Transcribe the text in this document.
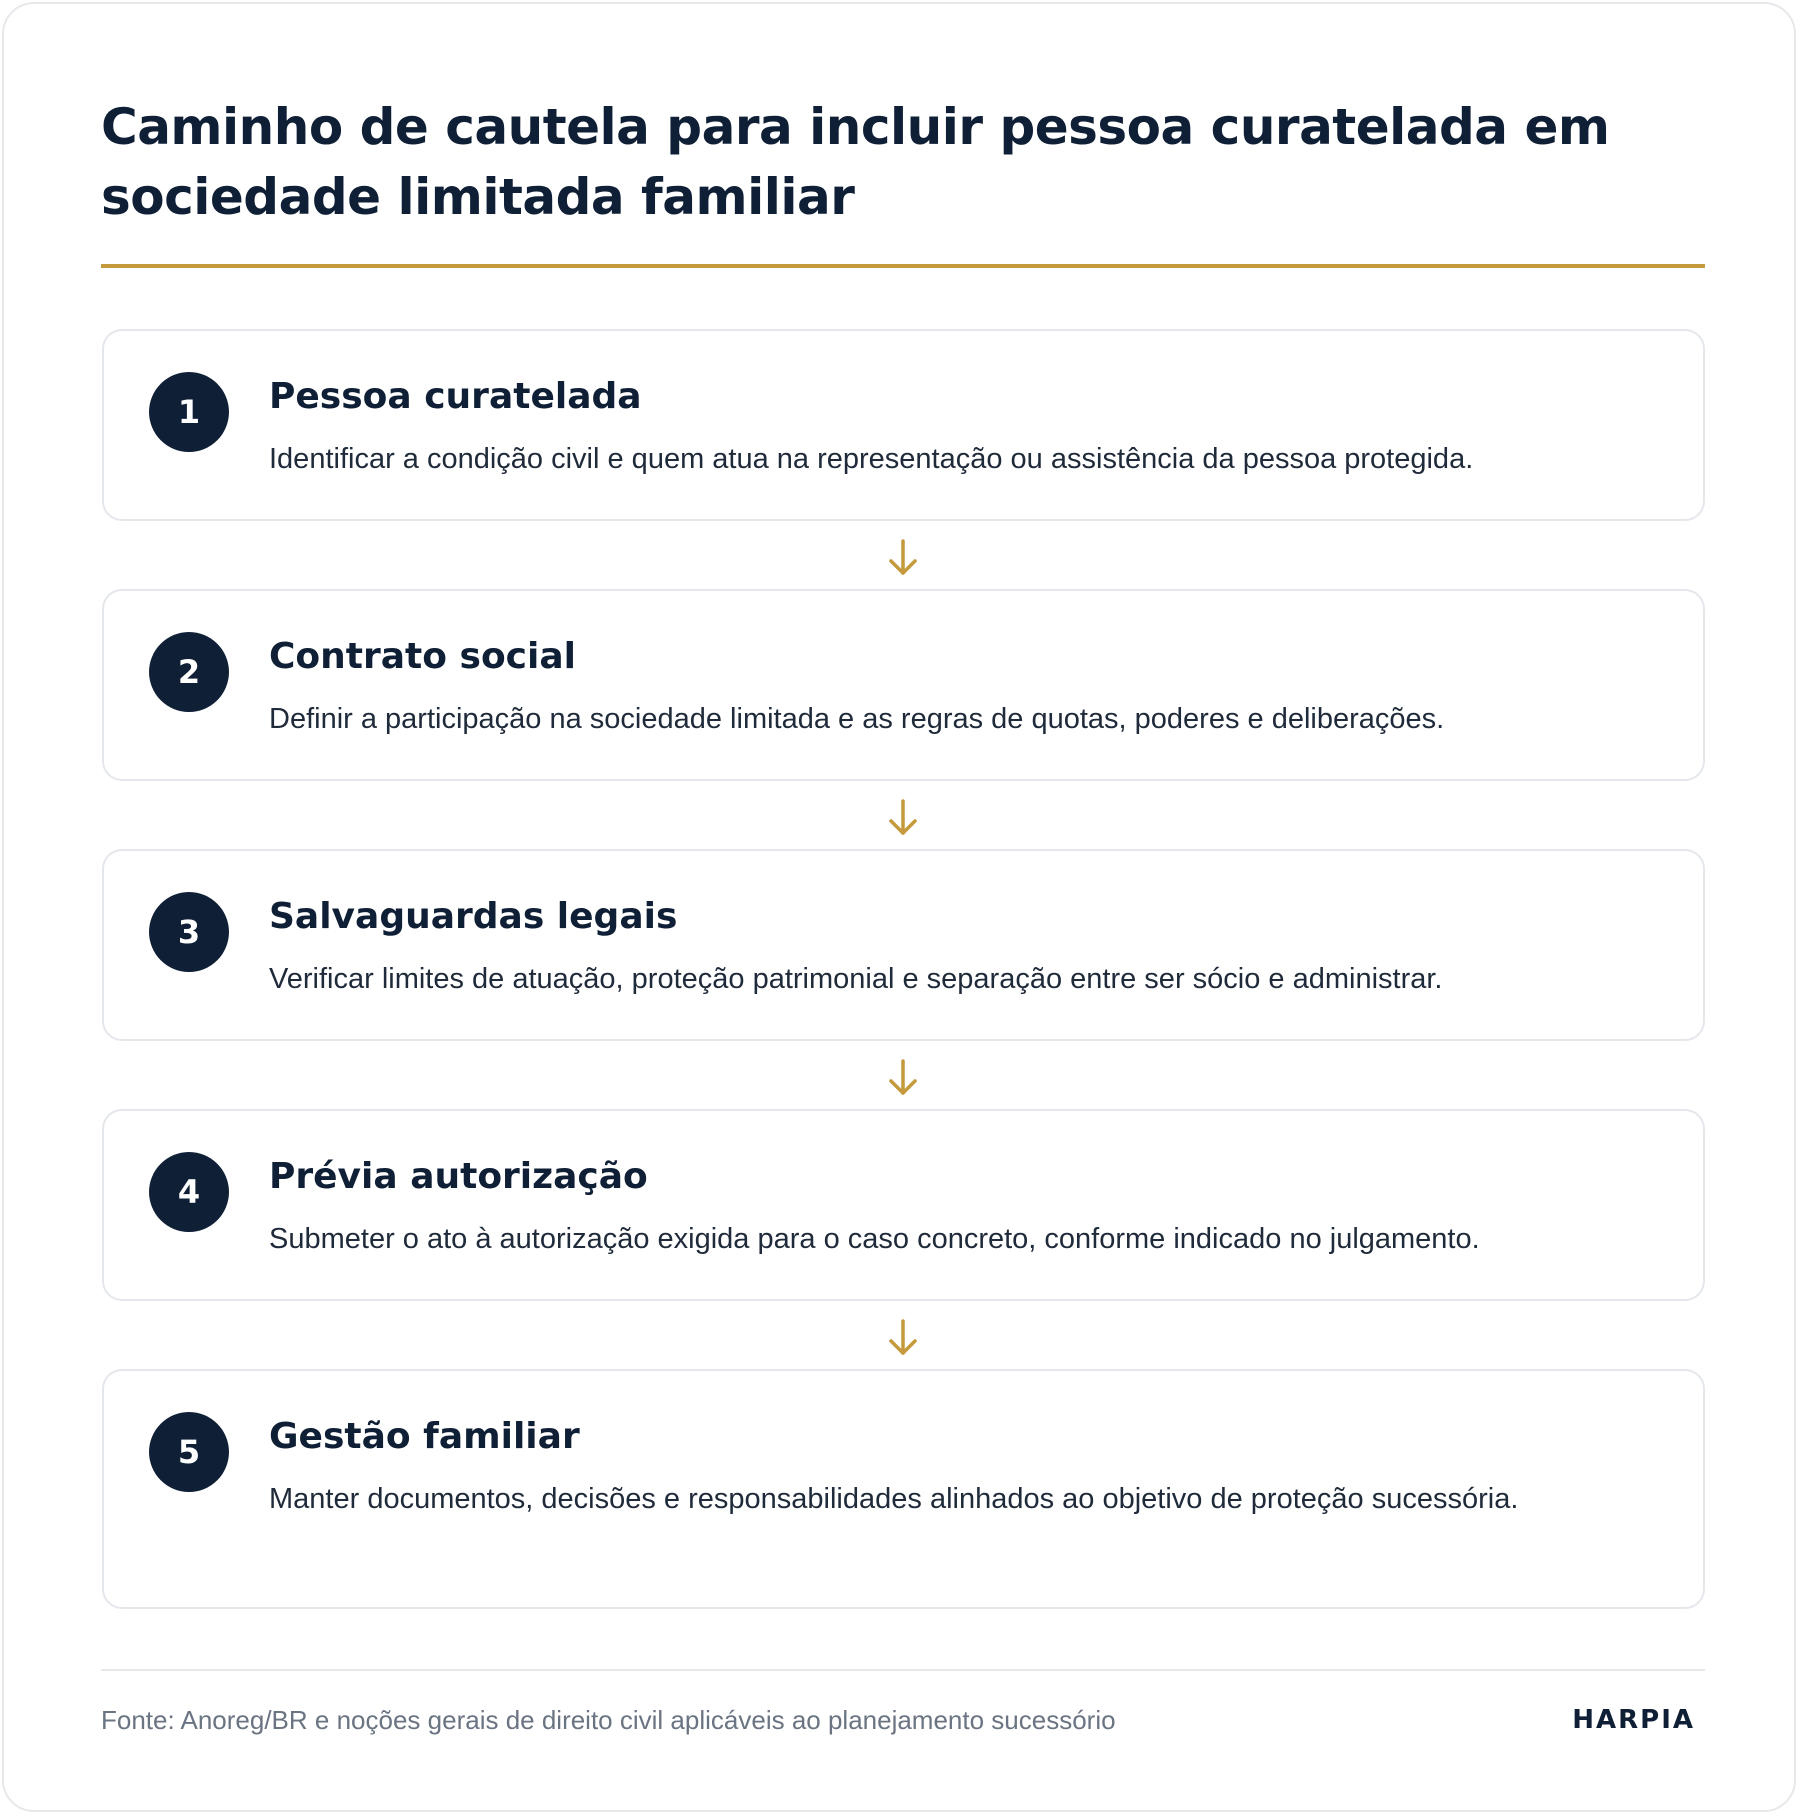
Caminho de cautela para incluir pessoa curatelada em sociedade limitada familiar
1	Pessoa curatelada

Identificar a condição civil e quem atua na representação ou assistência da pessoa protegida.

2	Contrato social

Definir a participação na sociedade limitada e as regras de quotas, poderes e deliberações.

3	Salvaguardas legais

Verificar limites de atuação, proteção patrimonial e separação entre ser sócio e administrar.

4	Prévia autorização

Submeter o ato à autorização exigida para o caso concreto, conforme indicado no julgamento.

5	Gestão familiar

Manter documentos, decisões e responsabilidades alinhados ao objetivo de proteção sucessória.

Fonte: Anoreg/BR e noções gerais de direito civil aplicáveis ao planejamento sucessório	HARPIA
